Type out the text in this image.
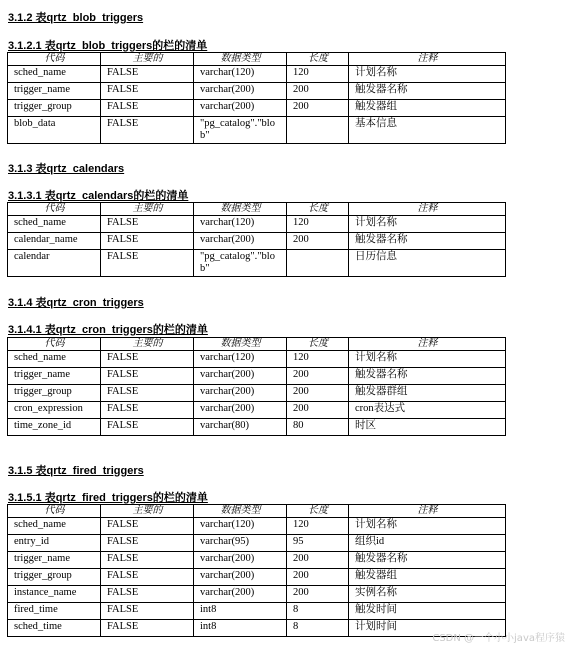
3.1.2 表qrtz_blob_triggers
3.1.2.1 表qrtz_blob_triggers的栏的清单
代码	主要的	数据类型	长度	注释
sched_name	FALSE	varchar(120)	120	计划名称
trigger_name	FALSE	varchar(200)	200	触发器名称
trigger_group	FALSE	varchar(200)	200	触发器组
blob_data	FALSE	"pg_catalog"."blob"		基本信息
3.1.3 表qrtz_calendars
3.1.3.1 表qrtz_calendars的栏的清单
代码	主要的	数据类型	长度	注释
sched_name	FALSE	varchar(120)	120	计划名称
calendar_name	FALSE	varchar(200)	200	触发器名称
calendar	FALSE	"pg_catalog"."blob"		日历信息
3.1.4 表qrtz_cron_triggers
3.1.4.1 表qrtz_cron_triggers的栏的清单
代码	主要的	数据类型	长度	注释
sched_name	FALSE	varchar(120)	120	计划名称
trigger_name	FALSE	varchar(200)	200	触发器名称
trigger_group	FALSE	varchar(200)	200	触发器群组
cron_expression	FALSE	varchar(200)	200	cron表达式
time_zone_id	FALSE	varchar(80)	80	时区
3.1.5 表qrtz_fired_triggers
3.1.5.1 表qrtz_fired_triggers的栏的清单
代码	主要的	数据类型	长度	注释
sched_name	FALSE	varchar(120)	120	计划名称
entry_id	FALSE	varchar(95)	95	组织id
trigger_name	FALSE	varchar(200)	200	触发器名称
trigger_group	FALSE	varchar(200)	200	触发器组
instance_name	FALSE	varchar(200)	200	实例名称
fired_time	FALSE	int8	8	触发时间
sched_time	FALSE	int8	8	计划时间
CSDN @一个小小java程序猿
